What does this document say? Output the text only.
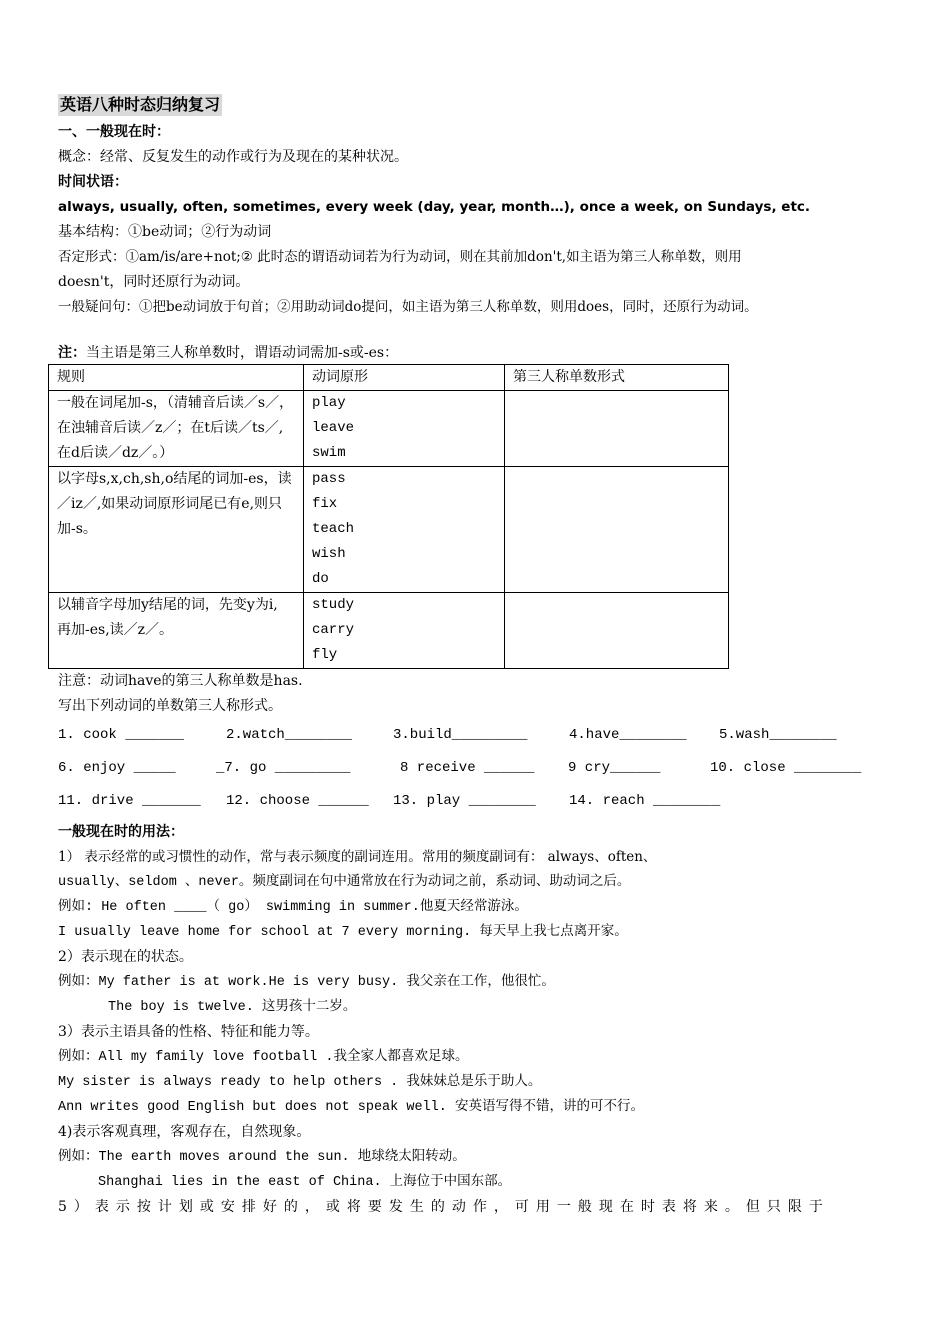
英语八种时态归纳复习
一、一般现在时：
概念：经常、反复发生的动作或行为及现在的某种状况。
时间状语：
always, usually, often, sometimes, every week (day, year, month…), once a week, on Sundays, etc.
基本结构：①be动词；②行为动词
否定形式：①am/is/are+not;② 此时态的谓语动词若为行为动词，则在其前加don't,如主语为第三人称单数，则用
doesn't，同时还原行为动词。
一般疑问句：①把be动词放于句首；②用助动词do提问，如主语为第三人称单数，则用does，同时，还原行为动词。
注：当主语是第三人称单数时，谓语动词需加-s或-es：
规则	动词原形	第三人称单数形式
一般在词尾加-s，（清辅音后读／s／，在浊辅音后读／z／；在t后读／ts／,在d后读／dz／。）	play
leave
swim	

以字母s,x,ch,sh,o结尾的词加-es，读／iz／,如果动词原形词尾已有e,则只加-s。	pass
fix
teach
wish
do	

以辅音字母加y结尾的词，先变y为i, 再加-es,读／z／。	study
carry
fly	

注意：动词have的第三人称单数是has.
写出下列动词的单数第三人称形式。
1. cook _______	2.watch________	3.build_________	4.have________	5.wash________
6. enjoy _____	_7. go _________	8 receive ______	9 cry______	10. close ________
11. drive _______	12. choose ______	13. play ________	14. reach ________
一般现在时的用法：
1） 表示经常的或习惯性的动作，常与表示频度的副词连用。常用的频度副词有： always、often、
usually、seldom 、never。频度副词在句中通常放在行为动词之前，系动词、助动词之后。
例如: He often ____（ go） swimming in summer.他夏天经常游泳。
I usually leave home for school at 7 every morning. 每天早上我七点离开家。
2）表示现在的状态。
例如：My father is at work.He is very busy. 我父亲在工作，他很忙。
The boy is twelve. 这男孩十二岁。
3）表示主语具备的性格、特征和能力等。
例如：All my family love football .我全家人都喜欢足球。
My sister is always ready to help others . 我妹妹总是乐于助人。
Ann writes good English but does not speak well. 安英语写得不错，讲的可不行。
4)表示客观真理，客观存在，自然现象。
例如：The earth moves around the sun. 地球绕太阳转动。
Shanghai lies in the east of China. 上海位于中国东部。
5）表示按计划或安排好的，或将要发生的动作，可用一般现在时表将来。但只限于
